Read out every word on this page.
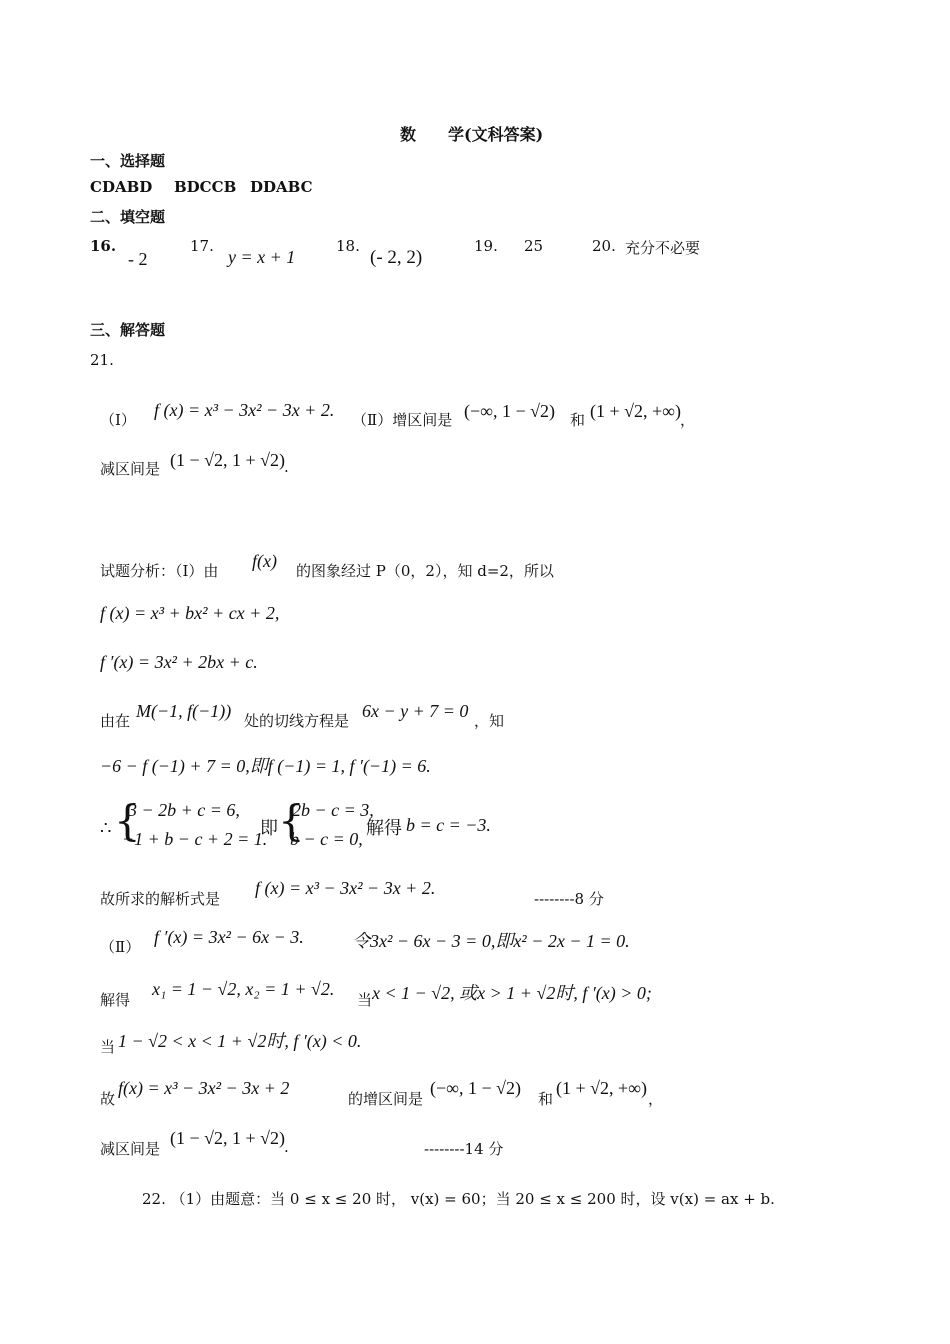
数　　学(文科答案)
一、选择题
CDABD BDCCB DDABC
二、填空题
16.
- 2
17.
y = x + 1
18.
(- 2, 2)
19. 25	20. 充分不必要
三、解答题
21.
（Ⅰ） f (x) = x³ − 3x² − 3x + 2. （Ⅱ）增区间是 (−∞, 1 − √2) 和 (1 + √2, +∞)
，
减区间是 (1 − √2, 1 + √2)
.
试题分析：（Ⅰ）由 f(x) 的图象经过 P（0，2），知 d=2，所以
f (x) = x³ + bx² + cx + 2,
f ′(x) = 3x² + 2bx + c.
由在 M(−1, f(−1)) 处的切线方程是 6x − y + 7 = 0 ，知
−6 − f (−1) + 7 = 0,即f (−1) = 1, f ′(−1) = 6.
∴ {
3 − 2b + c = 6,
−1 + b − c + 2 = 1.
即 {
2b − c = 3,
b − c = 0,
解得 b = c = −3.
故所求的解析式是
f (x) = x³ − 3x² − 3x + 2.
--------8 分
（Ⅱ） f ′(x) = 3x² − 6x − 3.	令3x² − 6x − 3 = 0,即x² − 2x − 1 = 0.
解得
x₁ = 1 − √2, x₂ = 1 + √2.
当 x < 1 − √2, 或x > 1 + √2时, f ′(x) > 0;
当 1 − √2 < x < 1 + √2时, f ′(x) < 0.
故
f(x) = x³ − 3x² − 3x + 2
的增区间是
(−∞, 1 − √2)
和
(1 + √2, +∞)
，
减区间是
(1 − √2, 1 + √2)
.	--------14 分
22. （1）由题意：当 0 ≤ x ≤ 20 时， v(x) = 60；当 20 ≤ x ≤ 200 时，设 v(x) = ax + b.
